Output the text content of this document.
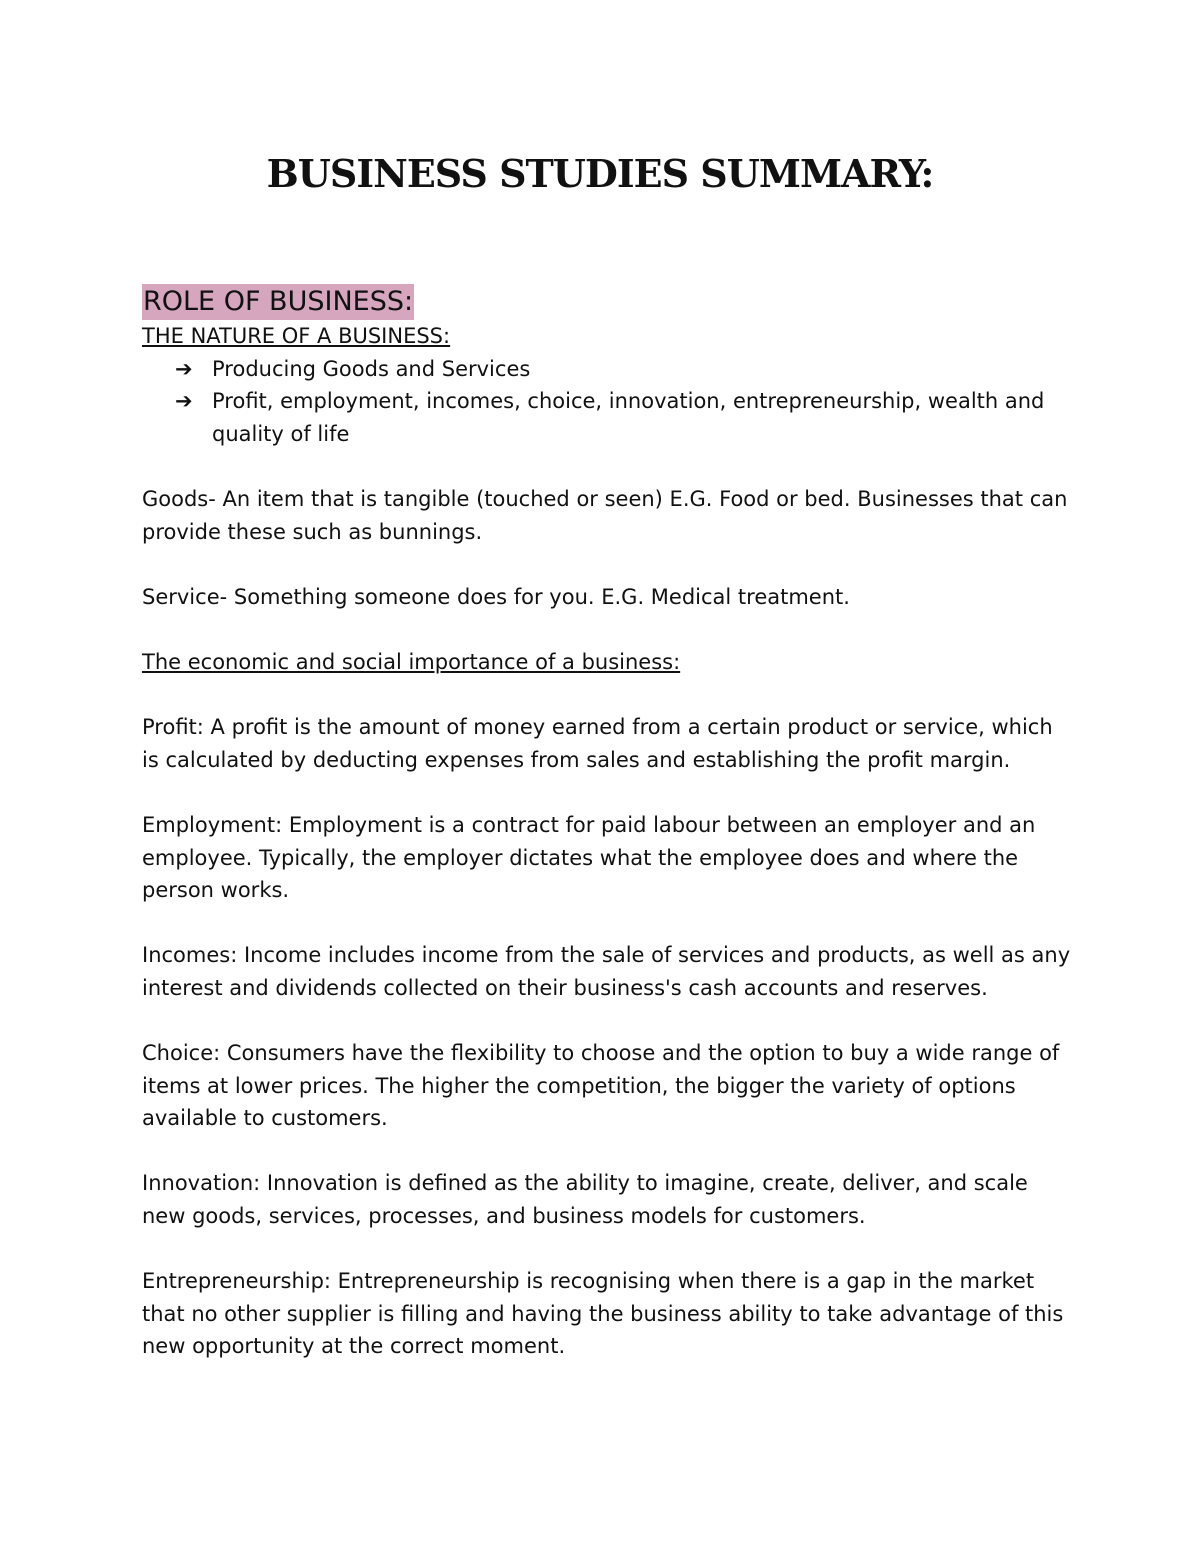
BUSINESS STUDIES SUMMARY:
ROLE OF BUSINESS:
THE NATURE OF A BUSINESS:
➔ Producing Goods and Services
➔ Profit, employment, incomes, choice, innovation, entrepreneurship, wealth and quality of life

Goods- An item that is tangible (touched or seen) E.G. Food or bed. Businesses that can provide these such as bunnings.

Service- Something someone does for you. E.G. Medical treatment.

The economic and social importance of a business:

Profit: A profit is the amount of money earned from a certain product or service, which is calculated by deducting expenses from sales and establishing the profit margin.

Employment: Employment is a contract for paid labour between an employer and an employee. Typically, the employer dictates what the employee does and where the person works.

Incomes: Income includes income from the sale of services and products, as well as any interest and dividends collected on their business's cash accounts and reserves.

Choice: Consumers have the flexibility to choose and the option to buy a wide range of items at lower prices. The higher the competition, the bigger the variety of options available to customers.

Innovation: Innovation is defined as the ability to imagine, create, deliver, and scale new goods, services, processes, and business models for customers.

Entrepreneurship: Entrepreneurship is recognising when there is a gap in the market that no other supplier is filling and having the business ability to take advantage of this new opportunity at the correct moment.
